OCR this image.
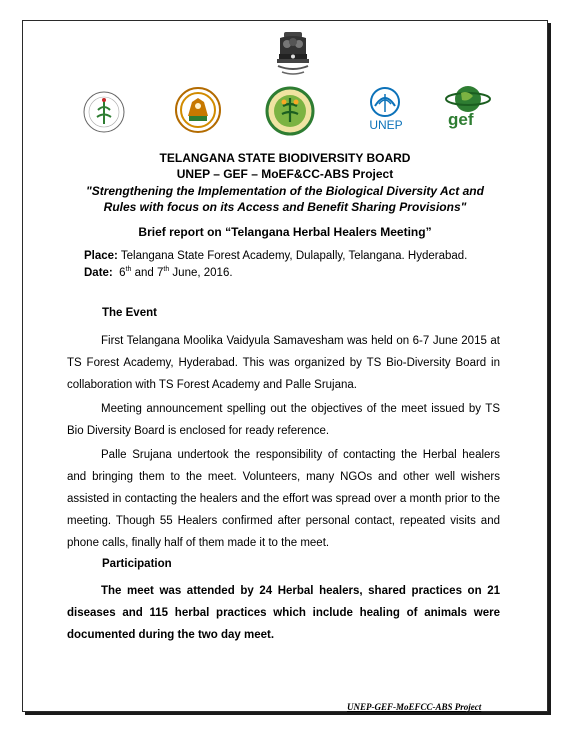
UNEP	gef
TELANGANA STATE BIODIVERSITY BOARD
UNEP – GEF – MoEF&CC-ABS Project
"Strengthening the Implementation of the Biological Diversity Act and
Rules with focus on its Access and Benefit Sharing Provisions"
Brief report on “Telangana Herbal Healers Meeting”
Place: Telangana State Forest Academy, Dulapally, Telangana. Hyderabad.
Date: 6th and 7th June, 2016.
The Event

First Telangana Moolika Vaidyula Samavesham was held on 6-7 June 2015 at TS Forest Academy, Hyderabad. This was organized by TS Bio-Diversity Board in collaboration with TS Forest Academy and Palle Srujana.

Meeting announcement spelling out the objectives of the meet issued by TS Bio Diversity Board is enclosed for ready reference.

Palle Srujana undertook the responsibility of contacting the Herbal healers and bringing them to the meet. Volunteers, many NGOs and other well wishers assisted in contacting the healers and the effort was spread over a month prior to the meeting. Though 55 Healers confirmed after personal contact, repeated visits and phone calls, finally half of them made it to the meet.

Participation

The meet was attended by 24 Herbal healers, shared practices on 21 diseases and 115 herbal practices which include healing of animals were documented during the two day meet.

UNEP-GEF-MoEFCC-ABS Project
